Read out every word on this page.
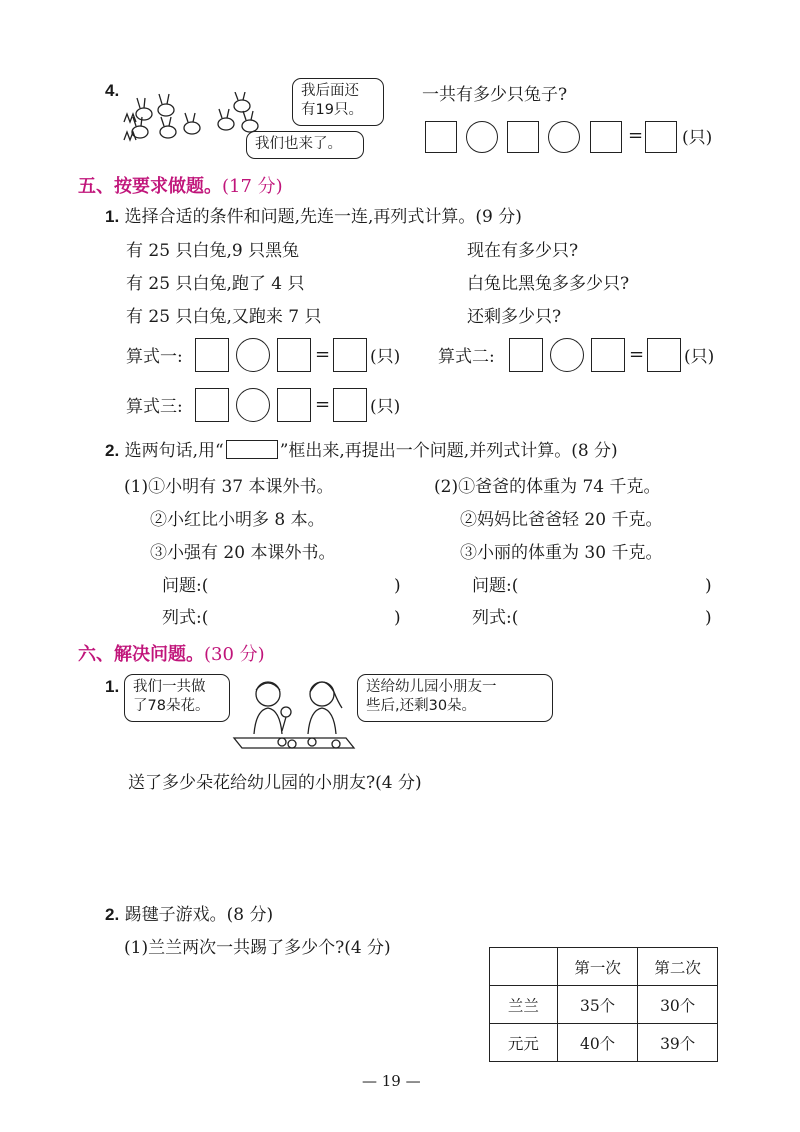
4.	我后面还
有19只。
我们也来了。
一共有多少只兔子?
= (只)
五、按要求做题。(17 分)
1. 选择合适的条件和问题,先连一连,再列式计算。(9 分)
有 25 只白兔,9 只黑兔
有 25 只白兔,跑了 4 只
有 25 只白兔,又跑来 7 只
现在有多少只?
白兔比黑兔多多少只?
还剩多少只?
算式一:	= (只) 算式二:	= (只)
算式三:	= (只)
2. 选两句话,用“	”框出来,再提出一个问题,并列式计算。(8 分)
(1)①小明有 37 本课外书。
②小红比小明多 8 本。
③小强有 20 本课外书。
(2)①爸爸的体重为 74 千克。
②妈妈比爸爸轻 20 千克。
③小丽的体重为 30 千克。
问题:(	)
列式:(	)
问题:(	)
列式:(	)
六、解决问题。(30 分)
1. 我们一共做
了78朵花。
送给幼儿园小朋友一
些后,还剩30朵。
送了多少朵花给幼儿园的小朋友?(4 分)
2. 踢毽子游戏。(8 分)
(1)兰兰两次一共踢了多少个?(4 分)
	第一次	第二次
兰兰	35个	30个
元元	40个	39个
— 19 —
